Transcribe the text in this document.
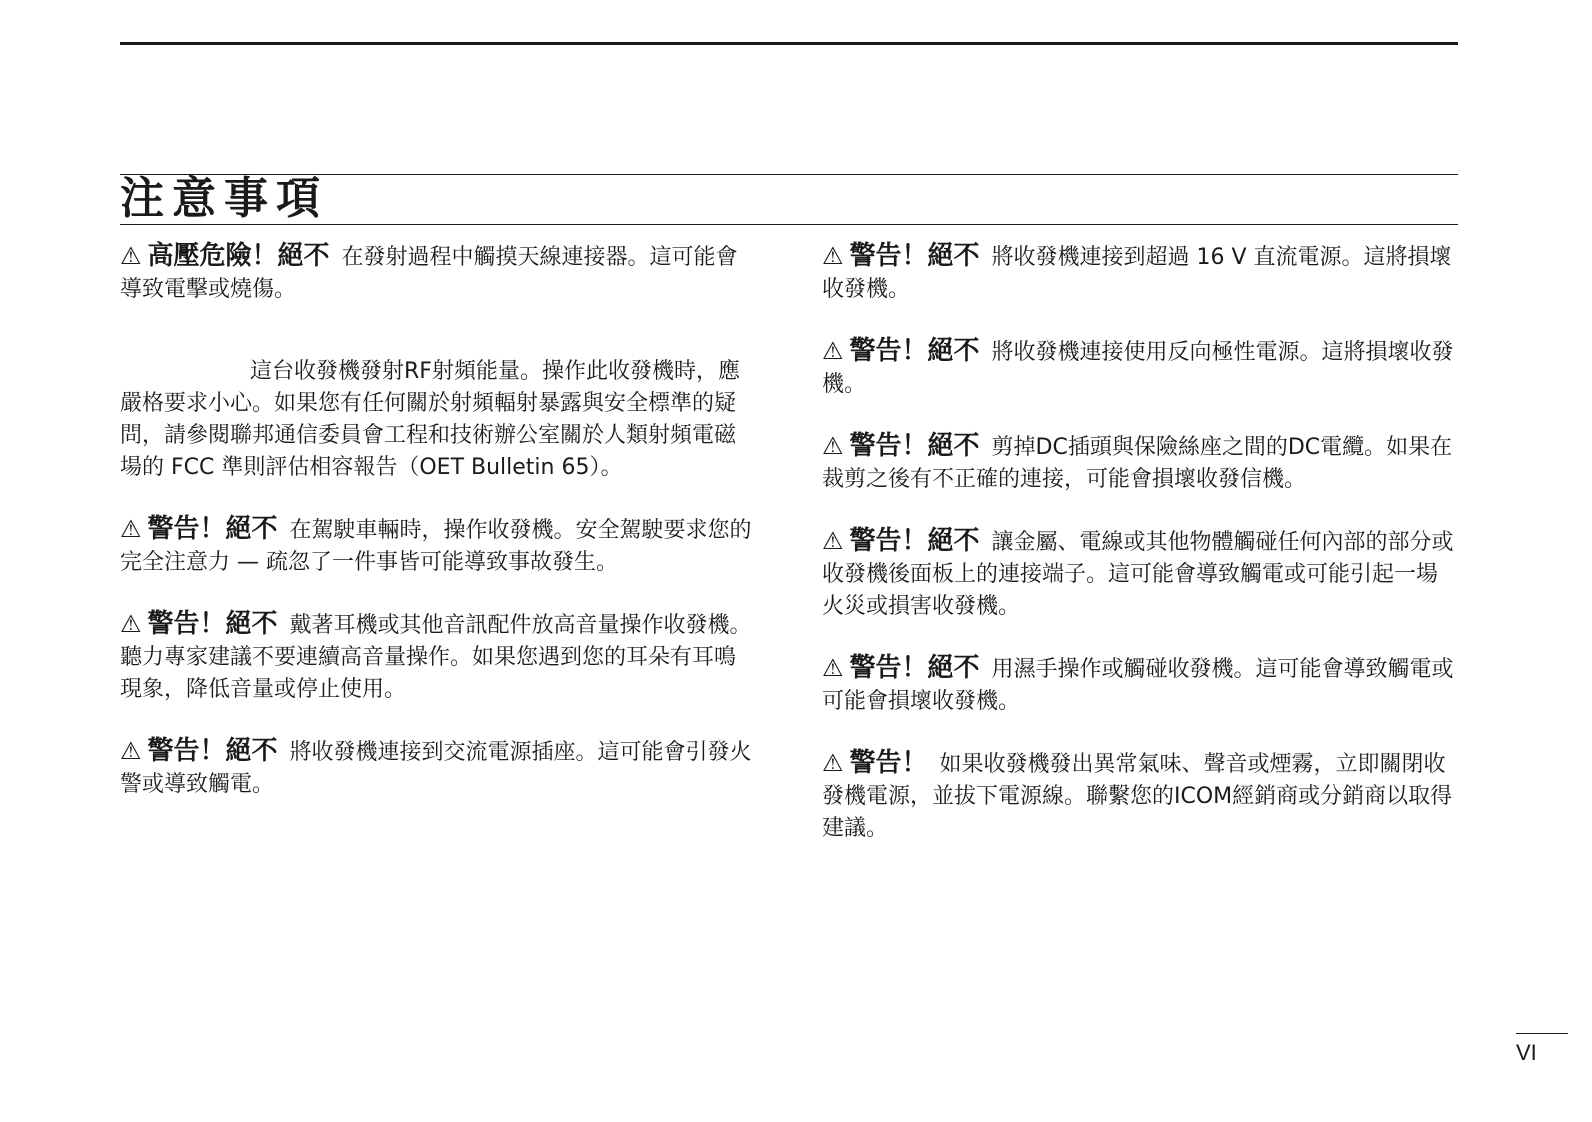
注意事項

⚠ 高壓危險！絕不 在發射過程中觸摸天線連接器。這可能會導致電擊或燒傷。

這台收發機發射RF射頻能量。操作此收發機時，應嚴格要求小心。如果您有任何關於射頻輻射暴露與安全標準的疑問，請參閱聯邦通信委員會工程和技術辦公室關於人類射頻電磁場的 FCC 準則評估相容報告（OET Bulletin 65）。

⚠ 警告！絕不 在駕駛車輛時，操作收發機。安全駕駛要求您的完全注意力 — 疏忽了一件事皆可能導致事故發生。

⚠ 警告！絕不 戴著耳機或其他音訊配件放高音量操作收發機。 聽力專家建議不要連續高音量操作。如果您遇到您的耳朵有耳鳴現象，降低音量或停止使用。

⚠ 警告！絕不 將收發機連接到交流電源插座。這可能會引發火警或導致觸電。

⚠ 警告！絕不 將收發機連接到超過 16 V 直流電源。這將損壞收發機。

⚠ 警告！絕不 將收發機連接使用反向極性電源。這將損壞收發機。

⚠ 警告！絕不 剪掉DC插頭與保險絲座之間的DC電纜。如果在裁剪之後有不正確的連接，可能會損壞收發信機。

⚠ 警告！絕不 讓金屬、電線或其他物體觸碰任何內部的部分或收發機後面板上的連接端子。這可能會導致觸電或可能引起一場火災或損害收發機。

⚠ 警告！絕不 用濕手操作或觸碰收發機。這可能會導致觸電或可能會損壞收發機。

⚠ 警告！ 如果收發機發出異常氣味、聲音或煙霧，立即關閉收發機電源，並拔下電源線。聯繫您的ICOM經銷商或分銷商以取得建議。

VI
